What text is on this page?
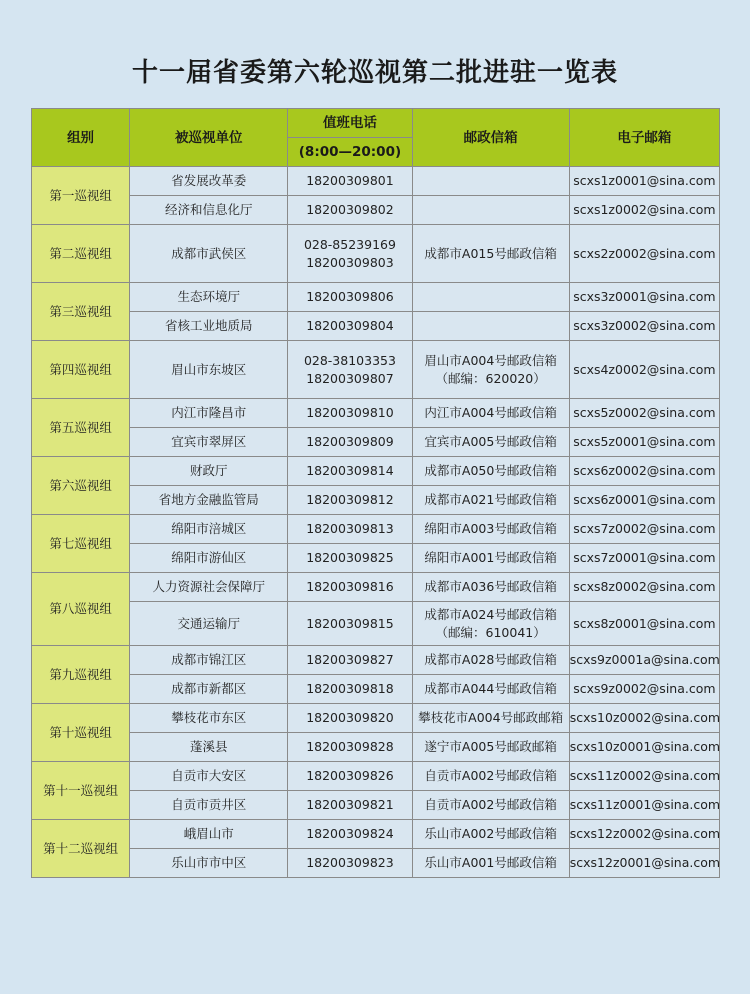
十一届省委第六轮巡视第二批进驻一览表
组别	被巡视单位	值班电话	邮政信箱	电子邮箱
		(8:00—20:00)		
第一巡视组	省发展改革委	18200309801		scxs1z0001@sina.com
	经济和信息化厅	18200309802		scxs1z0002@sina.com
第二巡视组	成都市武侯区	028-85239169
18200309803	成都市A015号邮政信箱	scxs2z0002@sina.com
第三巡视组	生态环境厅	18200309806		scxs3z0001@sina.com
	省核工业地质局	18200309804		scxs3z0002@sina.com
第四巡视组	眉山市东坡区	028-38103353
18200309807	眉山市A004号邮政信箱
（邮编：620020）	scxs4z0002@sina.com
第五巡视组	内江市隆昌市	18200309810	内江市A004号邮政信箱	scxs5z0002@sina.com
	宜宾市翠屏区	18200309809	宜宾市A005号邮政信箱	scxs5z0001@sina.com
第六巡视组	财政厅	18200309814	成都市A050号邮政信箱	scxs6z0002@sina.com
	省地方金融监管局	18200309812	成都市A021号邮政信箱	scxs6z0001@sina.com
第七巡视组	绵阳市涪城区	18200309813	绵阳市A003号邮政信箱	scxs7z0002@sina.com
	绵阳市游仙区	18200309825	绵阳市A001号邮政信箱	scxs7z0001@sina.com
第八巡视组	人力资源社会保障厅	18200309816	成都市A036号邮政信箱	scxs8z0002@sina.com
	交通运输厅	18200309815	成都市A024号邮政信箱
（邮编：610041）	scxs8z0001@sina.com
第九巡视组	成都市锦江区	18200309827	成都市A028号邮政信箱	scxs9z0001a@sina.com
	成都市新都区	18200309818	成都市A044号邮政信箱	scxs9z0002@sina.com
第十巡视组	攀枝花市东区	18200309820	攀枝花市A004号邮政邮箱	scxs10z0002@sina.com
	蓬溪县	18200309828	遂宁市A005号邮政邮箱	scxs10z0001@sina.com
第十一巡视组	自贡市大安区	18200309826	自贡市A002号邮政信箱	scxs11z0002@sina.com
	自贡市贡井区	18200309821	自贡市A002号邮政信箱	scxs11z0001@sina.com
第十二巡视组	峨眉山市	18200309824	乐山市A002号邮政信箱	scxs12z0002@sina.com
	乐山市市中区	18200309823	乐山市A001号邮政信箱	scxs12z0001@sina.com
